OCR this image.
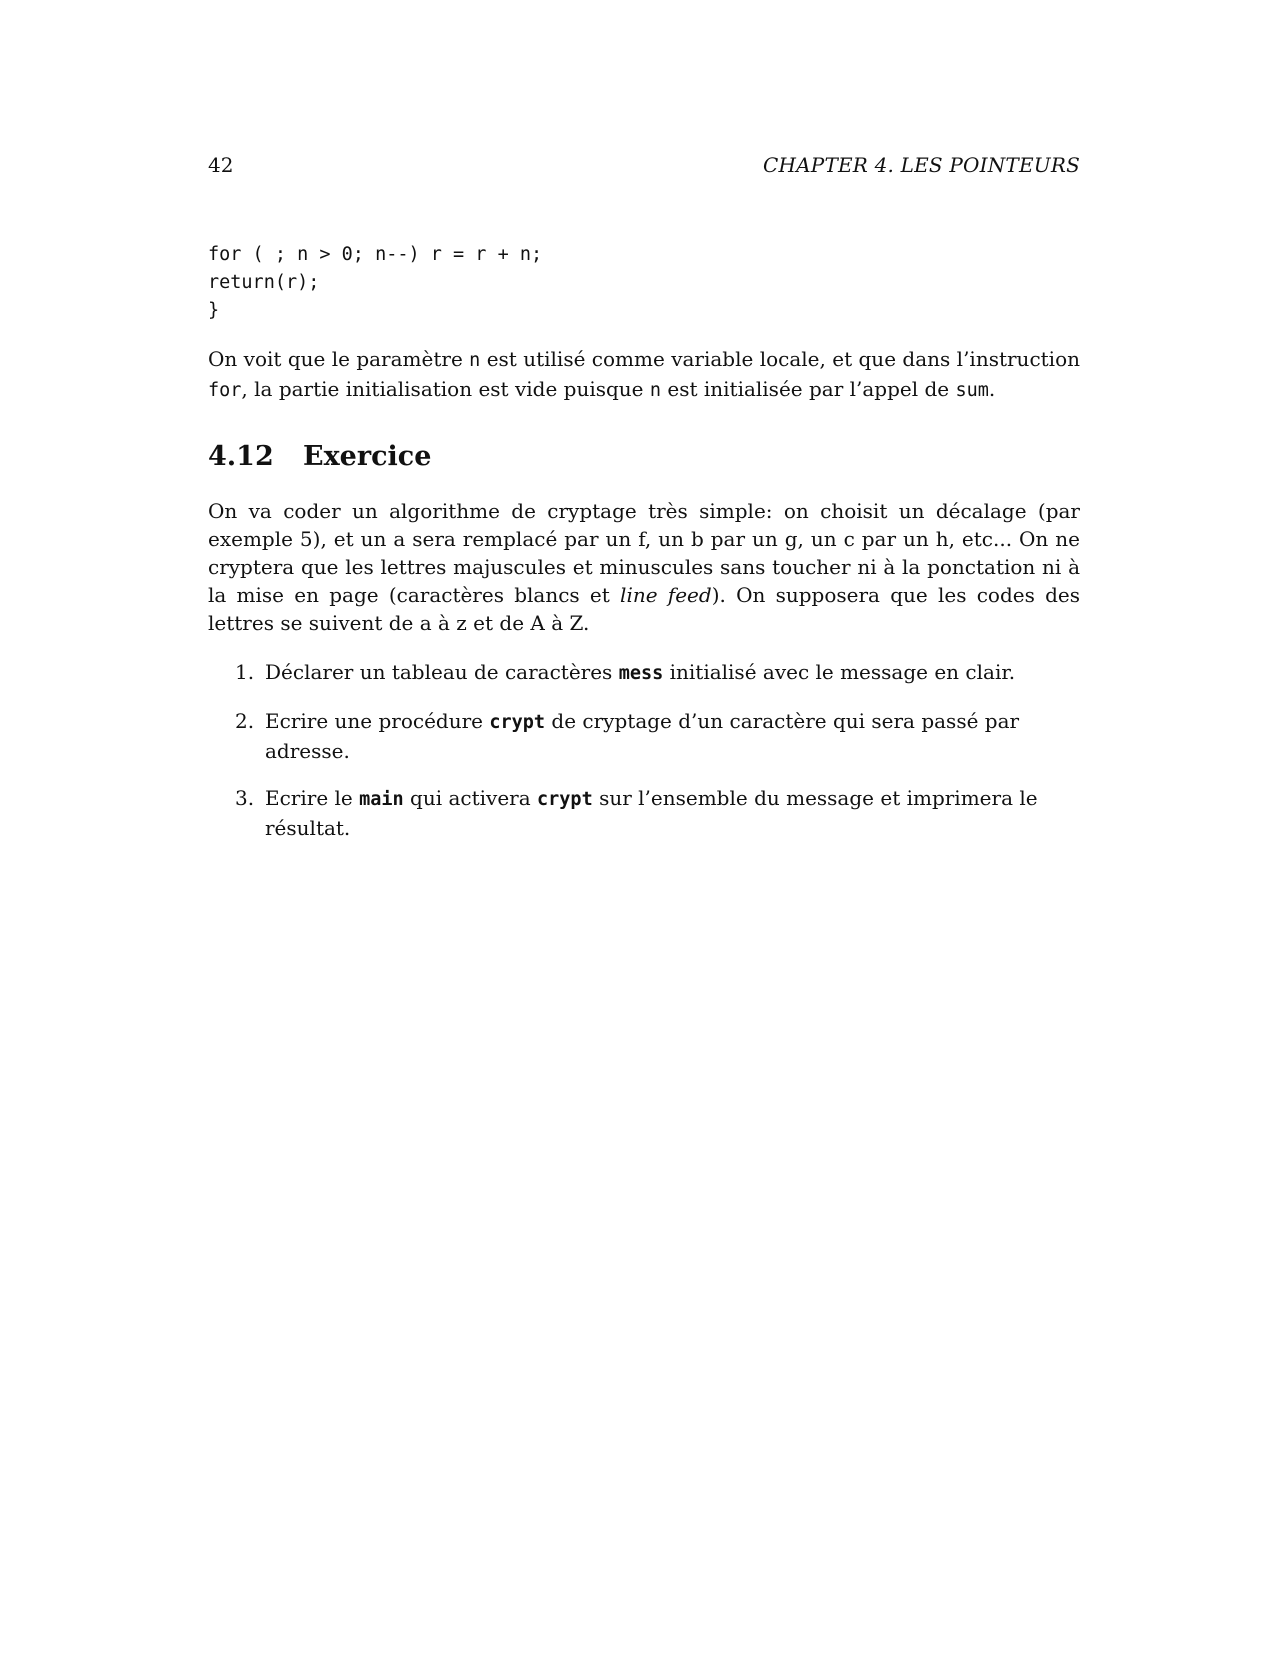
42	CHAPTER 4. LES POINTEURS
for ( ; n > 0; n--) r = r + n;
return(r);
}

On voit que le paramètre n est utilisé comme variable locale, et que dans l’instruction for, la partie initialisation est vide puisque n est initialisée par l’appel de sum.

4.12 Exercice

On va coder un algorithme de cryptage très simple: on choisit un décalage (par exemple 5), et un a sera remplacé par un f, un b par un g, un c par un h, etc... On ne cryptera que les lettres majuscules et minuscules sans toucher ni à la ponctation ni à la mise en page (caractères blancs et line feed). On supposera que les codes des lettres se suivent de a à z et de A à Z.

1. Déclarer un tableau de caractères mess initialisé avec le message en clair.
2. Ecrire une procédure crypt de cryptage d’un caractère qui sera passé par adresse.
3. Ecrire le main qui activera crypt sur l’ensemble du message et imprimera le résultat.
